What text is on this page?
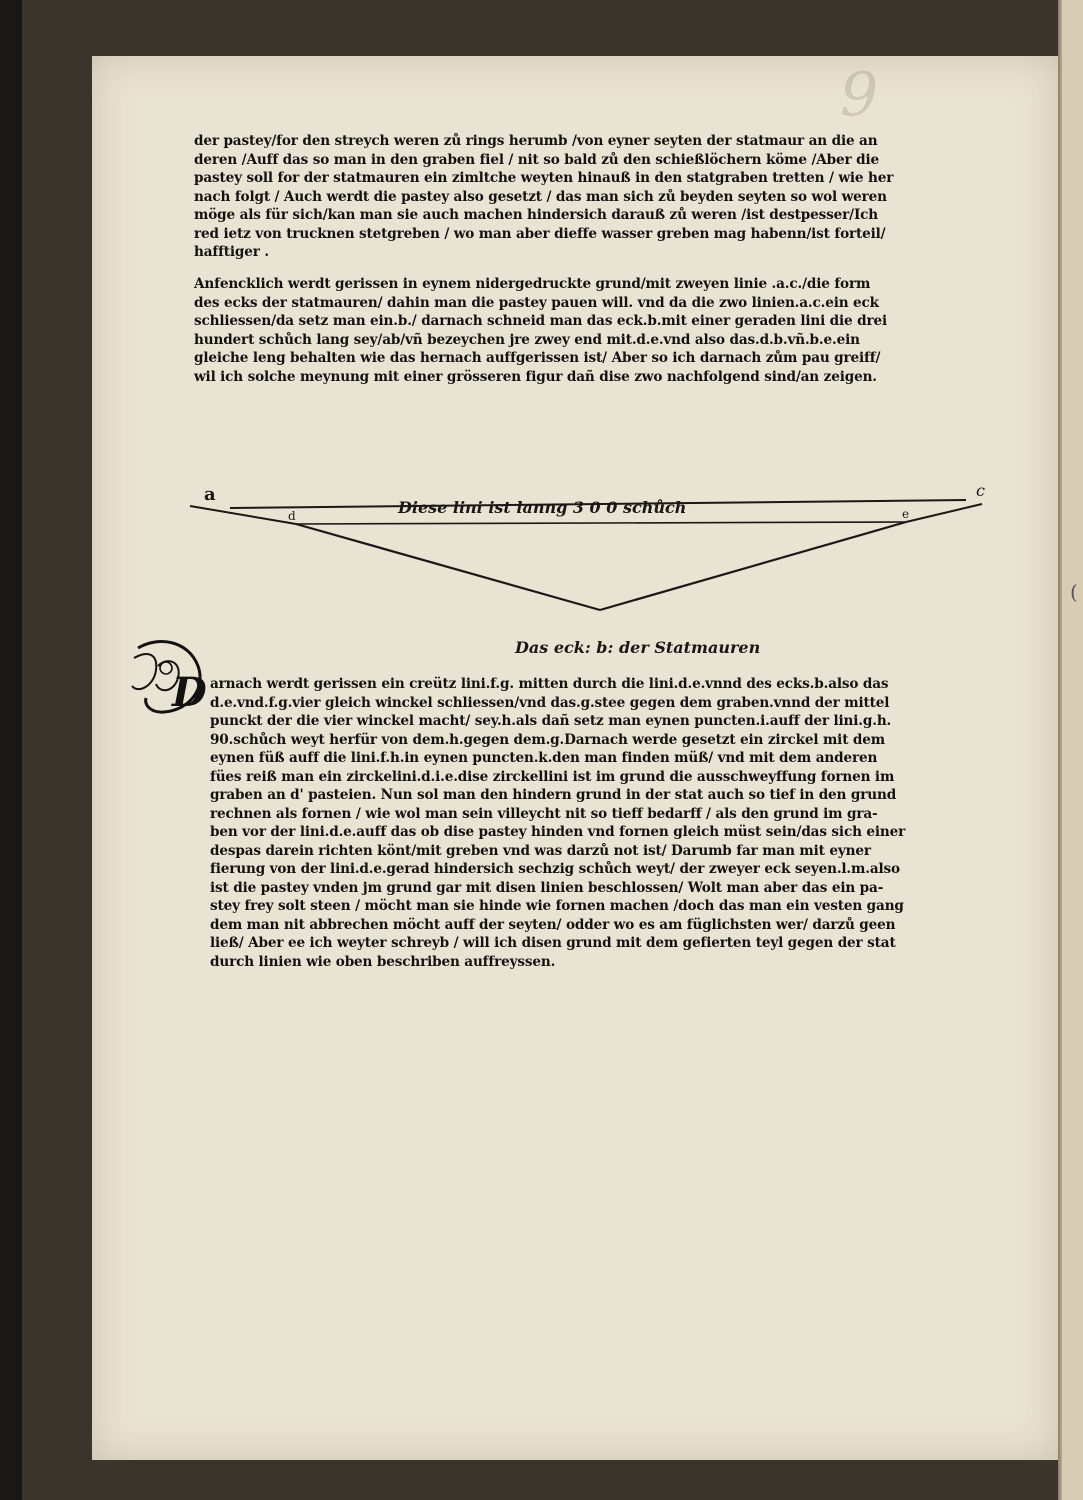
9
der pastey/for den streych weren zů rings herumb /von eyner seyten der statmaur an die an
deren /Auff das so man in den graben fiel / nit so bald zů den schießlöchern köme /Aber die
pastey soll for der statmauren ein zimltche weyten hinauß in den statgraben tretten / wie her
nach folgt / Auch werdt die pastey also gesetzt / das man sich zů beyden seyten so wol weren
möge als für sich/kan man sie auch machen hindersich darauß zů weren /ist destpesser/Ich
red ietz von trucknen stetgreben / wo man aber dieffe wasser greben mag habenn/ist forteil/
hafftiger .
Anfencklich werdt gerissen in eynem nidergedruckte grund/mit zweyen linie .a.c./die form
des ecks der statmauren/ dahin man die pastey pauen will. vnd da die zwo linien.a.c.ein eck
schliessen/da setz man ein.b./ darnach schneid man das eck.b.mit einer geraden lini die drei
hundert schůch lang sey/ab/vñ bezeychen jre zwey end mit.d.e.vnd also das.d.b.vñ.b.e.ein
gleiche leng behalten wie das hernach auffgerissen ist/ Aber so ich darnach zům pau greiff/
wil ich solche meynung mit einer grösseren figur dañ dise zwo nachfolgend sind/an zeigen.
a	c
d	e
Diese lini ist lanng 3 0 0 schůch
Das eck: b: der Statmauren
D arnach werdt gerissen ein creütz lini.f.g. mitten durch die lini.d.e.vnnd des ecks.b.also das
d.e.vnd.f.g.vier gleich winckel schliessen/vnd das.g.stee gegen dem graben.vnnd der mittel
punckt der die vier winckel macht/ sey.h.als dañ setz man eynen puncten.i.auff der lini.g.h.
90.schůch weyt herfür von dem.h.gegen dem.g.Darnach werde gesetzt ein zirckel mit dem
eynen füß auff die lini.f.h.in eynen puncten.k.den man finden müß/ vnd mit dem anderen
fües reiß man ein zirckelini.d.i.e.dise zirckellini ist im grund die ausschweyffung fornen im
graben an d' pasteien. Nun sol man den hindern grund in der stat auch so tief in den grund
rechnen als fornen / wie wol man sein villeycht nit so tieff bedarff / als den grund im gra-
ben vor der lini.d.e.auff das ob dise pastey hinden vnd fornen gleich müst sein/das sich einer
despas darein richten könt/mit greben vnd was darzů not ist/ Darumb far man mit eyner
fierung von der lini.d.e.gerad hindersich sechzig schůch weyt/ der zweyer eck seyen.l.m.also
ist die pastey vnden jm grund gar mit disen linien beschlossen/ Wolt man aber das ein pa-
stey frey solt steen / möcht man sie hinde wie fornen machen /doch das man ein vesten gang
dem man nit abbrechen möcht auff der seyten/ odder wo es am füglichsten wer/ darzů geen
ließ/ Aber ee ich weyter schreyb / will ich disen grund mit dem gefierten teyl gegen der stat
durch linien wie oben beschriben auffreyssen.
(
